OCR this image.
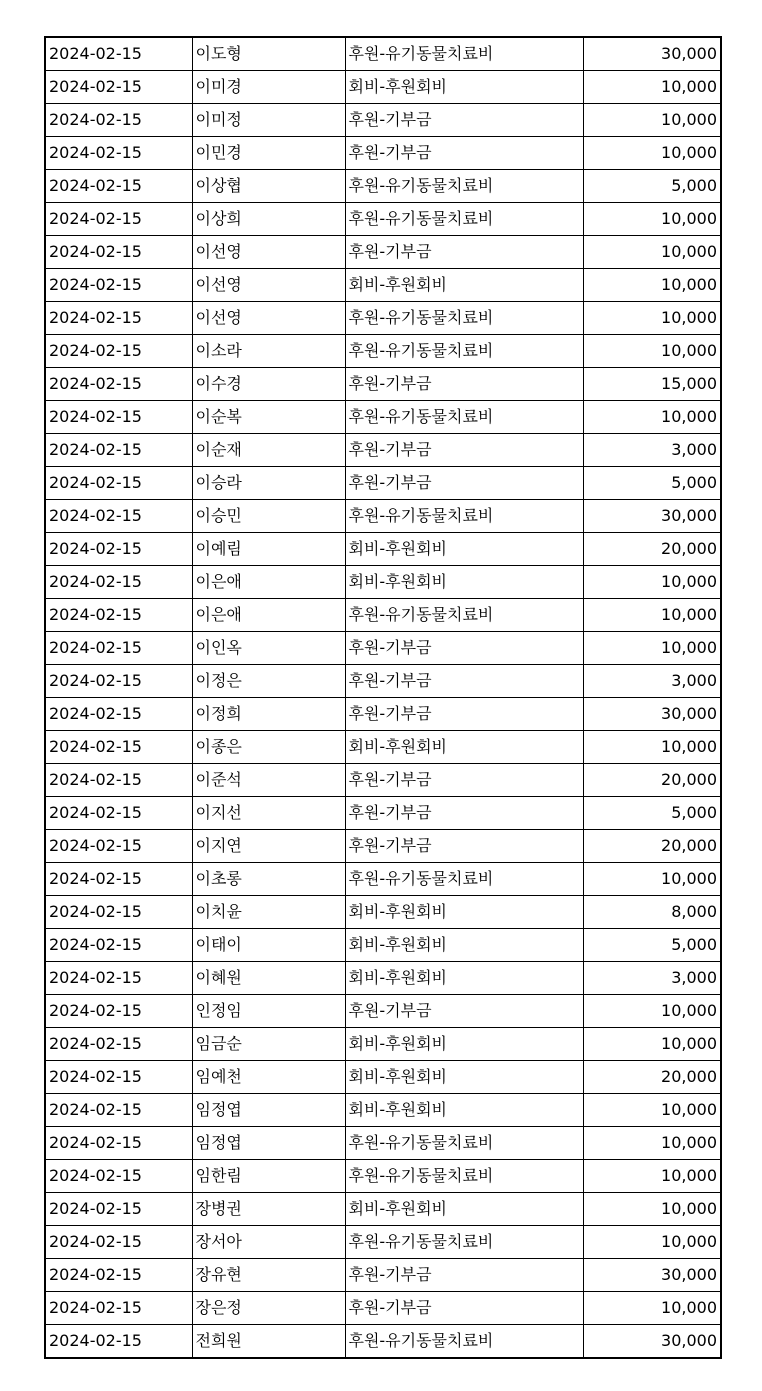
2024-02-15	이도형	후원-유기동물치료비	30,000
2024-02-15	이미경	회비-후원회비	10,000
2024-02-15	이미정	후원-기부금	10,000
2024-02-15	이민경	후원-기부금	10,000
2024-02-15	이상협	후원-유기동물치료비	5,000
2024-02-15	이상희	후원-유기동물치료비	10,000
2024-02-15	이선영	후원-기부금	10,000
2024-02-15	이선영	회비-후원회비	10,000
2024-02-15	이선영	후원-유기동물치료비	10,000
2024-02-15	이소라	후원-유기동물치료비	10,000
2024-02-15	이수경	후원-기부금	15,000
2024-02-15	이순복	후원-유기동물치료비	10,000
2024-02-15	이순재	후원-기부금	3,000
2024-02-15	이승라	후원-기부금	5,000
2024-02-15	이승민	후원-유기동물치료비	30,000
2024-02-15	이예림	회비-후원회비	20,000
2024-02-15	이은애	회비-후원회비	10,000
2024-02-15	이은애	후원-유기동물치료비	10,000
2024-02-15	이인옥	후원-기부금	10,000
2024-02-15	이정은	후원-기부금	3,000
2024-02-15	이정희	후원-기부금	30,000
2024-02-15	이종은	회비-후원회비	10,000
2024-02-15	이준석	후원-기부금	20,000
2024-02-15	이지선	후원-기부금	5,000
2024-02-15	이지연	후원-기부금	20,000
2024-02-15	이초롱	후원-유기동물치료비	10,000
2024-02-15	이치윤	회비-후원회비	8,000
2024-02-15	이태이	회비-후원회비	5,000
2024-02-15	이혜원	회비-후원회비	3,000
2024-02-15	인정임	후원-기부금	10,000
2024-02-15	임금순	회비-후원회비	10,000
2024-02-15	임예천	회비-후원회비	20,000
2024-02-15	임정엽	회비-후원회비	10,000
2024-02-15	임정엽	후원-유기동물치료비	10,000
2024-02-15	임한림	후원-유기동물치료비	10,000
2024-02-15	장병권	회비-후원회비	10,000
2024-02-15	장서아	후원-유기동물치료비	10,000
2024-02-15	장유현	후원-기부금	30,000
2024-02-15	장은정	후원-기부금	10,000
2024-02-15	전희원	후원-유기동물치료비	30,000
